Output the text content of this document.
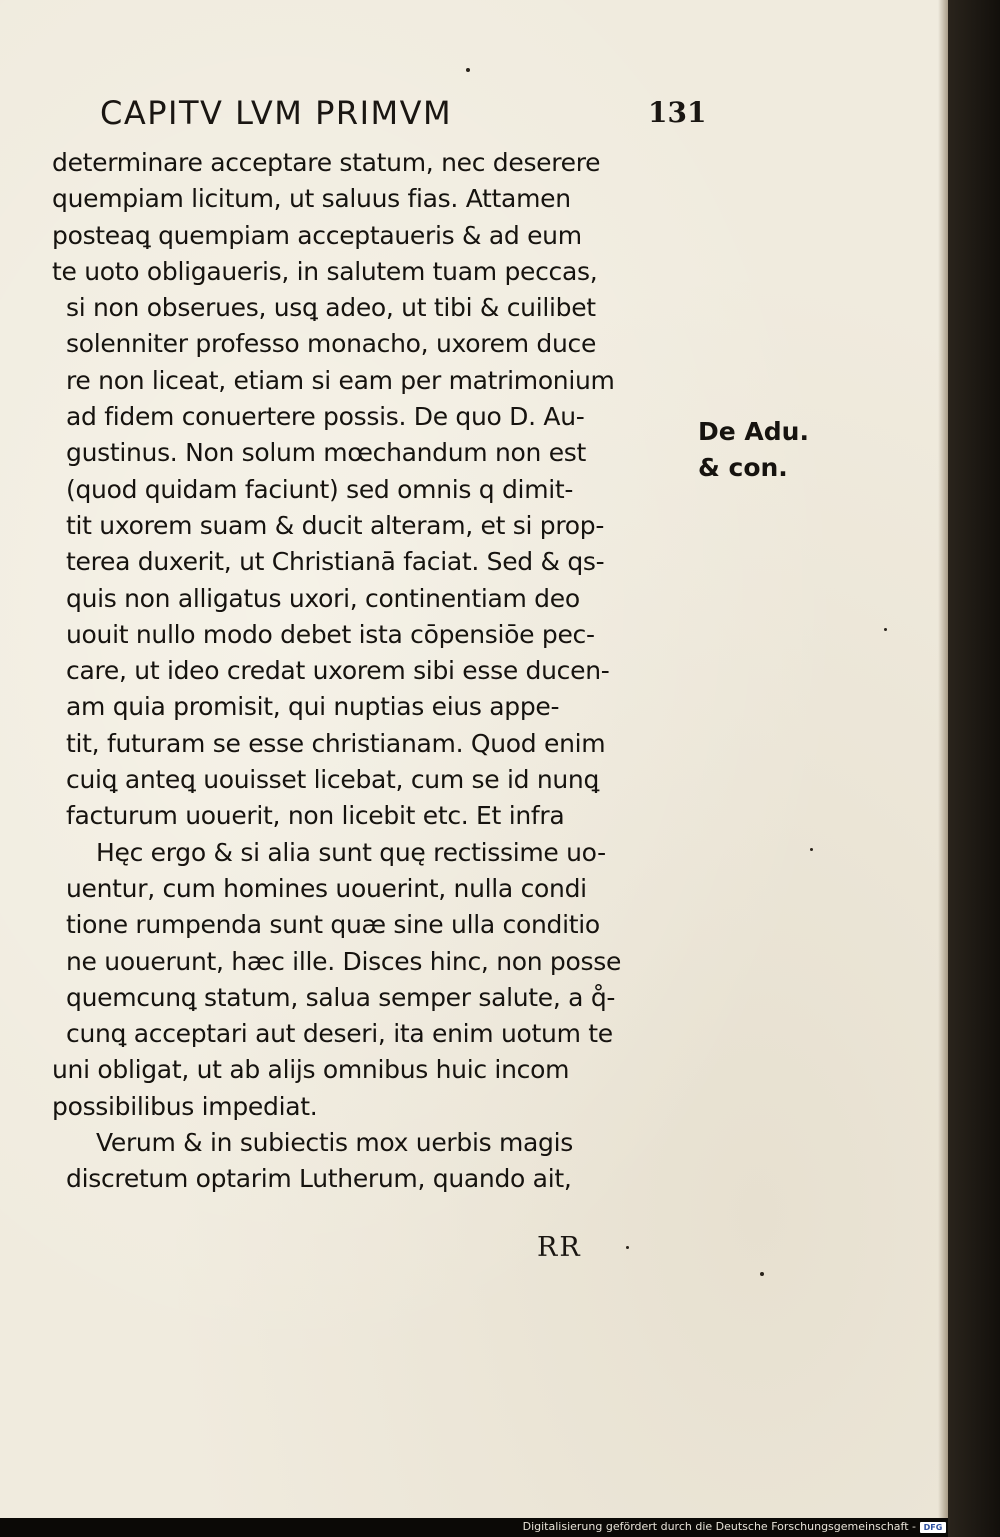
CAPITV LVM PRIMVM	131
determinare acceptare statum, nec deserere
quempiam licitum, ut saluus fias. Attamen
posteaꝗ quempiam acceptaueris & ad eum
te uoto obligaueris, in salutem tuam peccas,
si non obserues, usꝗ adeo, ut tibi & cuilibet
solenniter professo monacho, uxorem duce
re non liceat, etiam si eam per matrimonium
ad fidem conuertere possis. De quo D. Au-
gustinus. Non solum mœchandum non est
(quod quidam faciunt) sed omnis q dimit-
tit uxorem suam & ducit alteram, et si prop-
terea duxerit, ut Christianā faciat. Sed & qs-
quis non alligatus uxori, continentiam deo
uouit nullo modo debet ista cōpensiōe pec-
care, ut ideo credat uxorem sibi esse ducen-
am quia promisit, qui nuptias eius appe-
tit, futuram se esse christianam. Quod enim
cuiꝗ anteꝗ uouisset licebat, cum se id nunꝗ
facturum uouerit, non licebit etc. Et infra
Hęc ergo & si alia sunt quę rectissime uo-
uentur, cum homines uouerint, nulla condi
tione rumpenda sunt quæ sine ulla conditio
ne uouerunt, hæc ille. Disces hinc, non posse
quemcunꝗ statum, salua semper salute, a q̊-
cunꝗ acceptari aut deseri, ita enim uotum te
uni obligat, ut ab alijs omnibus huic incom
possibilibus impediat.
Verum & in subiectis mox uerbis magis
discretum optarim Lutherum, quando ait,
De Adu.
& con.
RR
Digitalisierung gefördert durch die Deutsche Forschungsgemeinschaft - DFG
